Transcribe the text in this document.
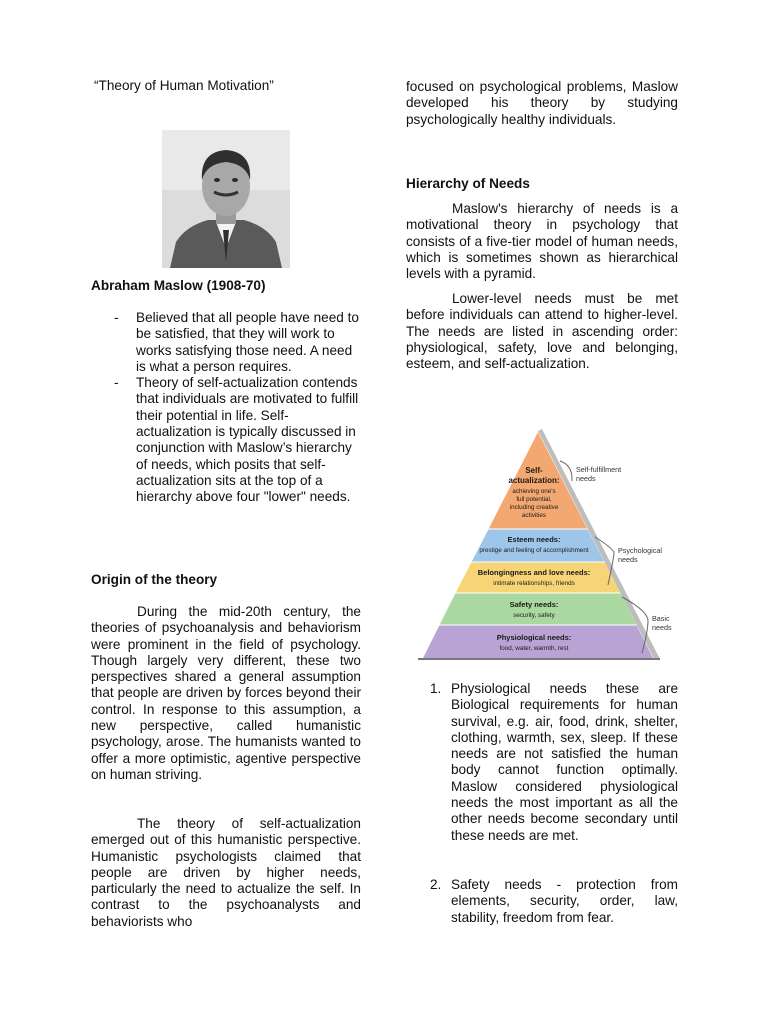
“Theory of Human Motivation”

Abraham Maslow (1908-70)

- Believed that all people have need to be satisfied, that they will work to works satisfying those need. A need is what a person requires.
- Theory of self-actualization contends that individuals are motivated to fulfill their potential in life. Self-actualization is typically discussed in conjunction with Maslow’s hierarchy of needs, which posits that self-actualization sits at the top of a hierarchy above four "lower" needs.

Origin of the theory

During the mid-20th century, the theories of psychoanalysis and behaviorism were prominent in the field of psychology. Though largely very different, these two perspectives shared a general assumption that people are driven by forces beyond their control. In response to this assumption, a new perspective, called humanistic psychology, arose. The humanists wanted to offer a more optimistic, agentive perspective on human striving.

The theory of self-actualization emerged out of this humanistic perspective. Humanistic psychologists claimed that people are driven by higher needs, particularly the need to actualize the self. In contrast to the psychoanalysts and behaviorists who

focused on psychological problems, Maslow developed his theory by studying psychologically healthy individuals.

Hierarchy of Needs

Maslow's hierarchy of needs is a motivational theory in psychology that consists of a five-tier model of human needs, which is sometimes shown as hierarchical levels with a pyramid.

Lower-level needs must be met before individuals can attend to higher-level. The needs are listed in ascending order: physiological, safety, love and belonging, esteem, and self-actualization.

Self-
actualization:
achieving one's
full potential,
including creative
activities
Esteem needs:
prestige and feeling of accomplishment
Belongingness and love needs:
intimate relationships, friends
Safety needs:
security, safety
Physiological needs:
food, water, warmth, rest
Self-fulfillment
needs
Psychological
needs
Basic
needs
1. Physiological needs these are Biological requirements for human survival, e.g. air, food, drink, shelter, clothing, warmth, sex, sleep. If these needs are not satisfied the human body cannot function optimally. Maslow considered physiological needs the most important as all the other needs become secondary until these needs are met.
2. Safety needs - protection from elements, security, order, law, stability, freedom from fear.
